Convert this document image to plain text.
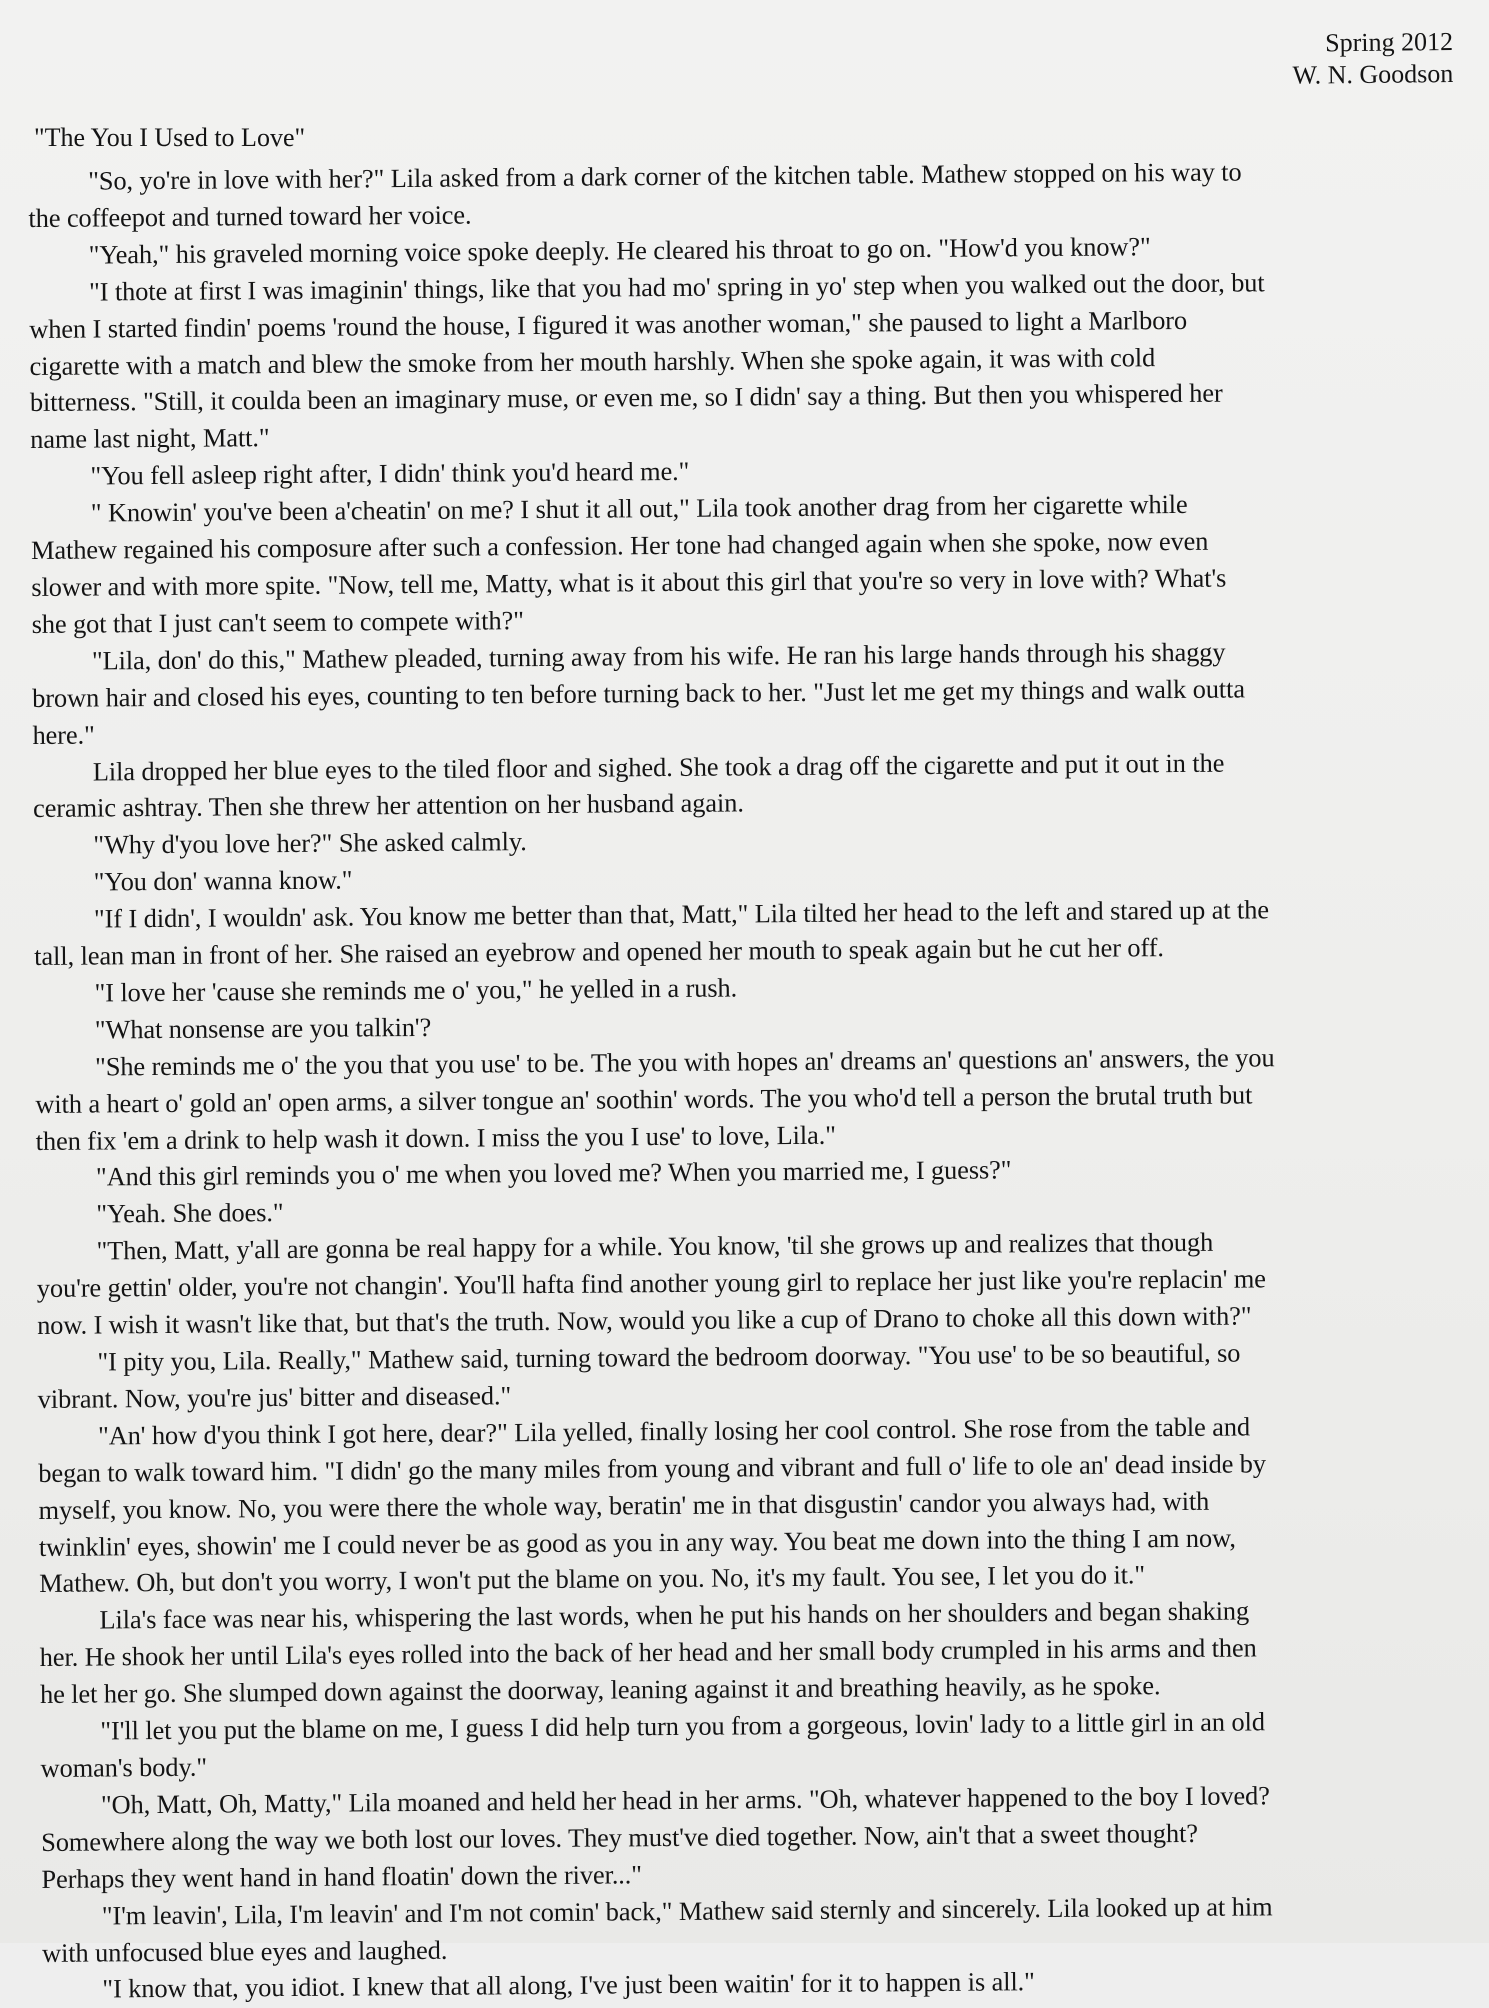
Spring 2012
W. N. Goodson
"The You I Used to Love"
"So, yo're in love with her?" Lila asked from a dark corner of the kitchen table. Mathew stopped on his way to
the coffeepot and turned toward her voice.
"Yeah," his graveled morning voice spoke deeply. He cleared his throat to go on. "How'd you know?"
"I thote at first I was imaginin' things, like that you had mo' spring in yo' step when you walked out the door, but
when I started findin' poems 'round the house, I figured it was another woman," she paused to light a Marlboro
cigarette with a match and blew the smoke from her mouth harshly. When she spoke again, it was with cold
bitterness. "Still, it coulda been an imaginary muse, or even me, so I didn' say a thing. But then you whispered her
name last night, Matt."
"You fell asleep right after, I didn' think you'd heard me."
" Knowin' you've been a'cheatin' on me? I shut it all out," Lila took another drag from her cigarette while
Mathew regained his composure after such a confession. Her tone had changed again when she spoke, now even
slower and with more spite. "Now, tell me, Matty, what is it about this girl that you're so very in love with? What's
she got that I just can't seem to compete with?"
"Lila, don' do this," Mathew pleaded, turning away from his wife. He ran his large hands through his shaggy
brown hair and closed his eyes, counting to ten before turning back to her. "Just let me get my things and walk outta
here."
Lila dropped her blue eyes to the tiled floor and sighed. She took a drag off the cigarette and put it out in the
ceramic ashtray. Then she threw her attention on her husband again.
"Why d'you love her?" She asked calmly.
"You don' wanna know."
"If I didn', I wouldn' ask. You know me better than that, Matt," Lila tilted her head to the left and stared up at the
tall, lean man in front of her. She raised an eyebrow and opened her mouth to speak again but he cut her off.
"I love her 'cause she reminds me o' you," he yelled in a rush.
"What nonsense are you talkin'?
"She reminds me o' the you that you use' to be. The you with hopes an' dreams an' questions an' answers, the you
with a heart o' gold an' open arms, a silver tongue an' soothin' words. The you who'd tell a person the brutal truth but
then fix 'em a drink to help wash it down. I miss the you I use' to love, Lila."
"And this girl reminds you o' me when you loved me? When you married me, I guess?"
"Yeah. She does."
"Then, Matt, y'all are gonna be real happy for a while. You know, 'til she grows up and realizes that though
you're gettin' older, you're not changin'. You'll hafta find another young girl to replace her just like you're replacin' me
now. I wish it wasn't like that, but that's the truth. Now, would you like a cup of Drano to choke all this down with?"
"I pity you, Lila. Really," Mathew said, turning toward the bedroom doorway. "You use' to be so beautiful, so
vibrant. Now, you're jus' bitter and diseased."
"An' how d'you think I got here, dear?" Lila yelled, finally losing her cool control. She rose from the table and
began to walk toward him. "I didn' go the many miles from young and vibrant and full o' life to ole an' dead inside by
myself, you know. No, you were there the whole way, beratin' me in that disgustin' candor you always had, with
twinklin' eyes, showin' me I could never be as good as you in any way. You beat me down into the thing I am now,
Mathew. Oh, but don't you worry, I won't put the blame on you. No, it's my fault. You see, I let you do it."
Lila's face was near his, whispering the last words, when he put his hands on her shoulders and began shaking
her. He shook her until Lila's eyes rolled into the back of her head and her small body crumpled in his arms and then
he let her go. She slumped down against the doorway, leaning against it and breathing heavily, as he spoke.
"I'll let you put the blame on me, I guess I did help turn you from a gorgeous, lovin' lady to a little girl in an old
woman's body."
"Oh, Matt, Oh, Matty," Lila moaned and held her head in her arms. "Oh, whatever happened to the boy I loved?
Somewhere along the way we both lost our loves. They must've died together. Now, ain't that a sweet thought?
Perhaps they went hand in hand floatin' down the river..."
"I'm leavin', Lila, I'm leavin' and I'm not comin' back," Mathew said sternly and sincerely. Lila looked up at him
with unfocused blue eyes and laughed.
"I know that, you idiot. I knew that all along, I've just been waitin' for it to happen is all."
